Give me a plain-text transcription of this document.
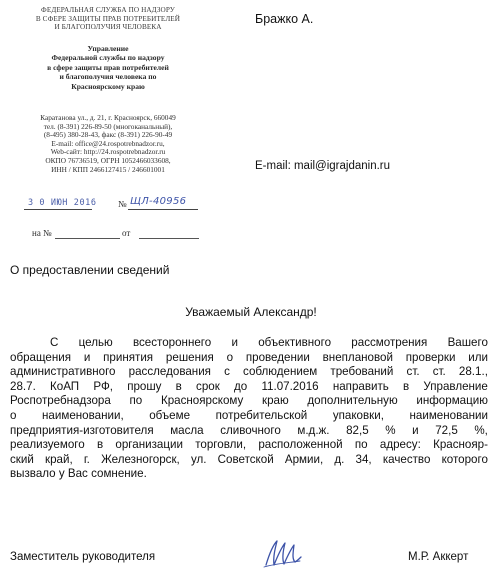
ФЕДЕРАЛЬНАЯ СЛУЖБА ПО НАДЗОРУ
В СФЕРЕ ЗАЩИТЫ ПРАВ ПОТРЕБИТЕЛЕЙ
И БЛАГОПОЛУЧИЯ ЧЕЛОВЕКА
Управление
Федеральной службы по надзору
в сфере защиты прав потребителей
и благополучия человека по
Красноярскому краю
Каратанова ул., д. 21, г. Красноярск, 660049
тел. (8-391) 226-89-50 (многоканальный),
(8-495) 380-28-43, факс (8-391) 226-90-49
E-mail: office@24.rospotrebnadzor.ru,
Web-сайт: http://24.rospotrebnadzor.ru
ОКПО 76736519, ОГРН 1052466033608,
ИНН / КПП 2466127415 / 246601001
3 0 ИЮН 2016 № ЩЛ-40956
на №	от
Бражко А.
E-mail: mail@igrajdanin.ru
О предоставлении сведений
Уважаемый Александр!
С целью всестороннего и объективного рассмотрения Вашего
обращения и принятия решения о проведении внеплановой проверки или
административного расследования с соблюдением требований ст. ст. 28.1.,
28.7. КоАП РФ, прошу в срок до 11.07.2016 направить в Управление
Роспотребнадзора по Красноярскому краю дополнительную информацию
о наименовании, объеме потребительской упаковки, наименовании
предприятия-изготовителя масла сливочного м.д.ж. 82,5 % и 72,5 %,
реализуемого в организации торговли, расположенной по адресу: Краснояр-
ский край, г. Железногорск, ул. Советской Армии, д. 34, качество которого
вызвало у Вас сомнение.
Заместитель руководителя	М.Р. Аккерт
